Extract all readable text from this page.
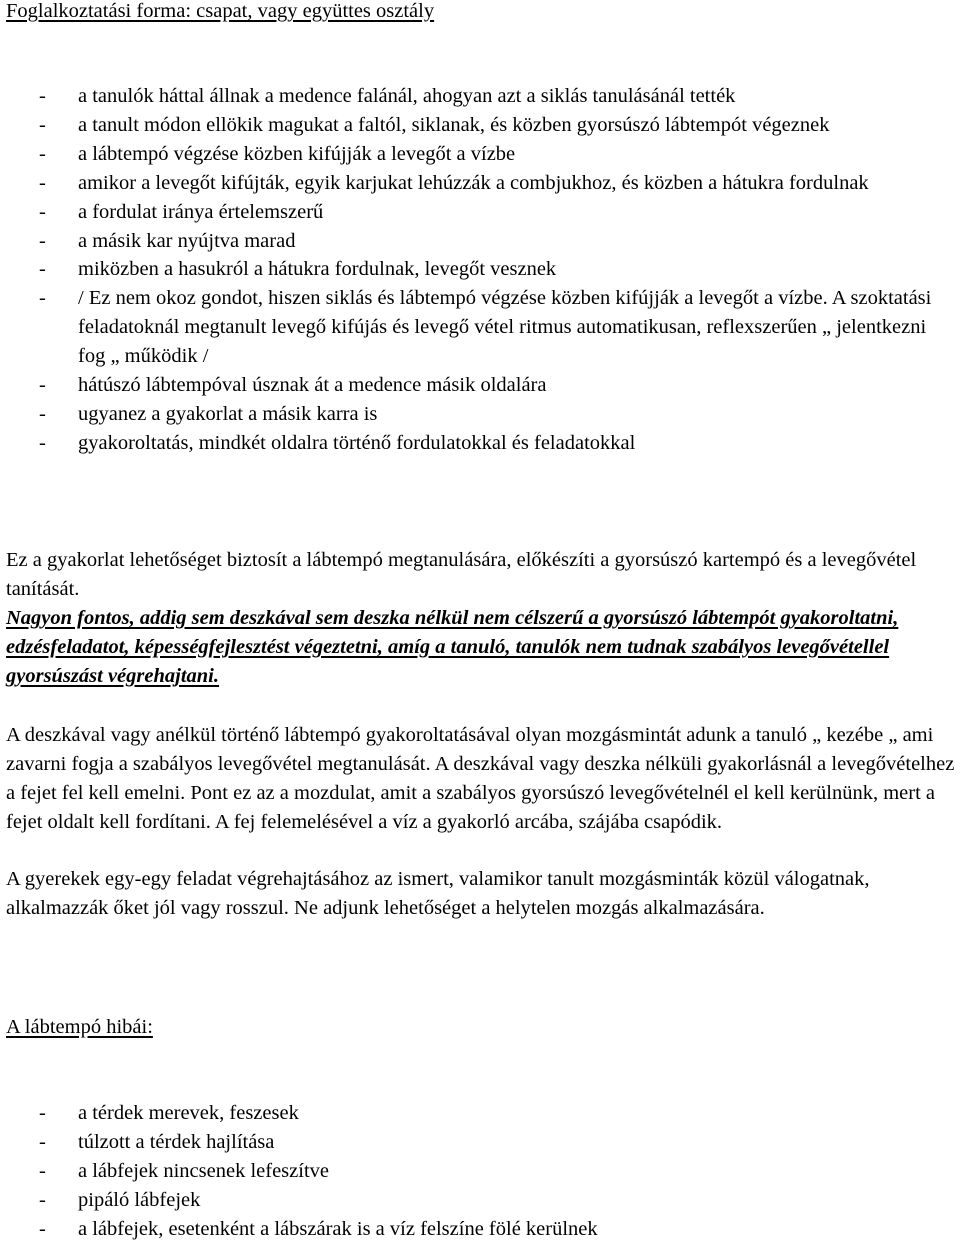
Foglalkoztatási forma: csapat, vagy együttes osztály
- a tanulók háttal állnak a medence falánál, ahogyan azt a siklás tanulásánál tették
- a tanult módon ellökik magukat a faltól, siklanak, és közben gyorsúszó lábtempót végeznek
- a lábtempó végzése közben kifújják a levegőt a vízbe
- amikor a levegőt kifújták, egyik karjukat lehúzzák a combjukhoz, és közben a hátukra fordulnak
- a fordulat iránya értelemszerű
- a másik kar nyújtva marad
- miközben a hasukról a hátukra fordulnak, levegőt vesznek
- / Ez nem okoz gondot, hiszen siklás és lábtempó végzése közben kifújják a levegőt a vízbe. A szoktatási feladatoknál megtanult levegő kifújás és levegő vétel ritmus automatikusan, reflexszerűen „ jelentkezni fog „ működik /
- hátúszó lábtempóval úsznak át a medence másik oldalára
- ugyanez a gyakorlat a másik karra is
- gyakoroltatás, mindkét oldalra történő fordulatokkal és feladatokkal

Ez a gyakorlat lehetőséget biztosít a lábtempó megtanulására, előkészíti a gyorsúszó kartempó és a levegővétel tanítását.

Nagyon fontos, addig sem deszkával sem deszka nélkül nem célszerű a gyorsúszó lábtempót gyakoroltatni, edzésfeladatot, képességfejlesztést végeztetni, amíg a tanuló, tanulók nem tudnak szabályos levegővétellel gyorsúszást végrehajtani.

A deszkával vagy anélkül történő lábtempó gyakoroltatásával olyan mozgásmintát adunk a tanuló „ kezébe „ ami zavarni fogja a szabályos levegővétel megtanulását. A deszkával vagy deszka nélküli gyakorlásnál a levegővételhez a fejet fel kell emelni. Pont ez az a mozdulat, amit a szabályos gyorsúszó levegővételnél el kell kerülnünk, mert a fejet oldalt kell fordítani. A fej felemelésével a víz a gyakorló arcába, szájába csapódik.

A gyerekek egy-egy feladat végrehajtásához az ismert, valamikor tanult mozgásminták közül válogatnak, alkalmazzák őket jól vagy rosszul. Ne adjunk lehetőséget a helytelen mozgás alkalmazására.

A lábtempó hibái:
- a térdek merevek, feszesek
- túlzott a térdek hajlítása
- a lábfejek nincsenek lefeszítve
- pipáló lábfejek
- a lábfejek, esetenként a lábszárak is a víz felszíne fölé kerülnek
